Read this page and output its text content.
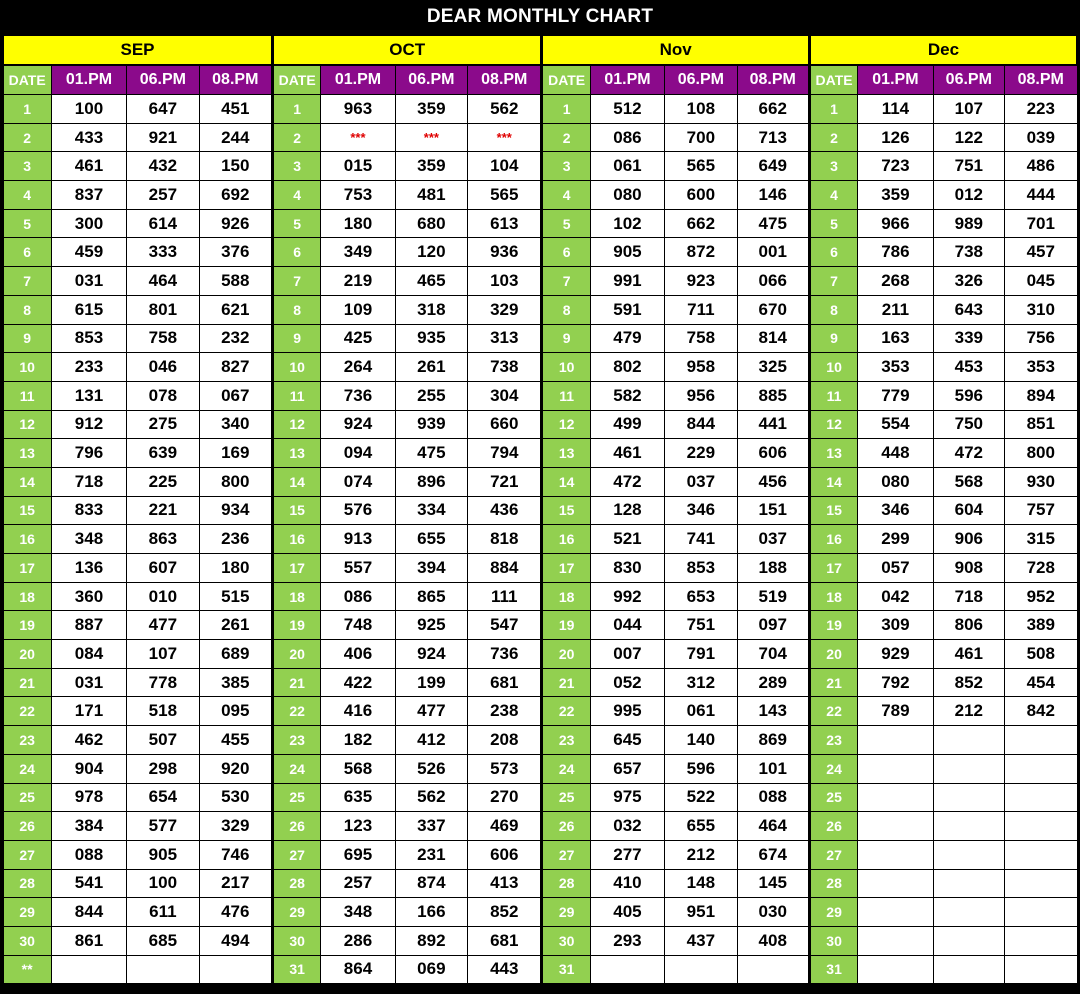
DEAR MONTHLY CHART
SEP				OCT				Nov				Dec			
DATE	01.PM	06.PM	08.PM	DATE	01.PM	06.PM	08.PM	DATE	01.PM	06.PM	08.PM	DATE	01.PM	06.PM	08.PM
1	100	647	451	1	963	359	562	1	512	108	662	1	114	107	223
2	433	921	244	2	***	***	***	2	086	700	713	2	126	122	039
3	461	432	150	3	015	359	104	3	061	565	649	3	723	751	486
4	837	257	692	4	753	481	565	4	080	600	146	4	359	012	444
5	300	614	926	5	180	680	613	5	102	662	475	5	966	989	701
6	459	333	376	6	349	120	936	6	905	872	001	6	786	738	457
7	031	464	588	7	219	465	103	7	991	923	066	7	268	326	045
8	615	801	621	8	109	318	329	8	591	711	670	8	211	643	310
9	853	758	232	9	425	935	313	9	479	758	814	9	163	339	756
10	233	046	827	10	264	261	738	10	802	958	325	10	353	453	353
11	131	078	067	11	736	255	304	11	582	956	885	11	779	596	894
12	912	275	340	12	924	939	660	12	499	844	441	12	554	750	851
13	796	639	169	13	094	475	794	13	461	229	606	13	448	472	800
14	718	225	800	14	074	896	721	14	472	037	456	14	080	568	930
15	833	221	934	15	576	334	436	15	128	346	151	15	346	604	757
16	348	863	236	16	913	655	818	16	521	741	037	16	299	906	315
17	136	607	180	17	557	394	884	17	830	853	188	17	057	908	728
18	360	010	515	18	086	865	111	18	992	653	519	18	042	718	952
19	887	477	261	19	748	925	547	19	044	751	097	19	309	806	389
20	084	107	689	20	406	924	736	20	007	791	704	20	929	461	508
21	031	778	385	21	422	199	681	21	052	312	289	21	792	852	454
22	171	518	095	22	416	477	238	22	995	061	143	22	789	212	842
23	462	507	455	23	182	412	208	23	645	140	869	23			
24	904	298	920	24	568	526	573	24	657	596	101	24			
25	978	654	530	25	635	562	270	25	975	522	088	25			
26	384	577	329	26	123	337	469	26	032	655	464	26			
27	088	905	746	27	695	231	606	27	277	212	674	27			
28	541	100	217	28	257	874	413	28	410	148	145	28			
29	844	611	476	29	348	166	852	29	405	951	030	29			
30	861	685	494	30	286	892	681	30	293	437	408	30			
**				31	864	069	443	31				31			
